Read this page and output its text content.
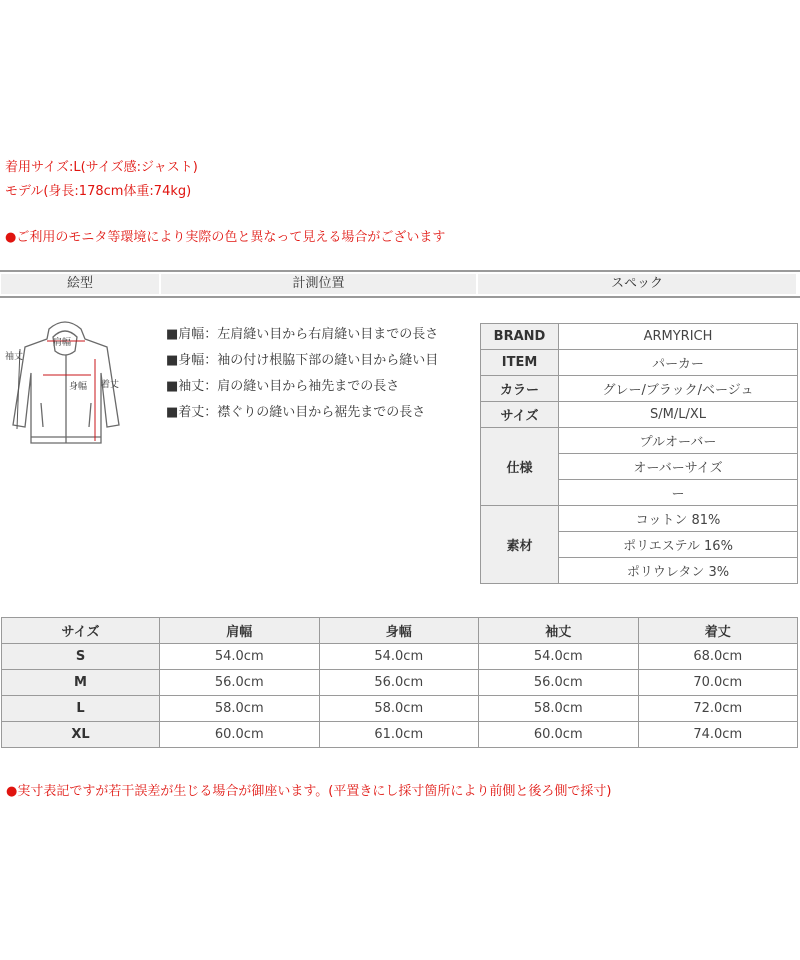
着用サイズ:L(サイズ感:ジャスト)
モデル(身長:178cm体重:74kg)
●ご利用のモニタ等環境により実際の色と異なって見える場合がございます
絵型	計測位置	スペック
肩幅
身幅
袖丈
着丈
■肩幅：左肩縫い目から右肩縫い目までの長さ
■身幅：袖の付け根脇下部の縫い目から縫い目
■袖丈：肩の縫い目から袖先までの長さ
■着丈：襟ぐりの縫い目から裾先までの長さ
BRAND	ARMYRICH
ITEM	パーカー
カラー	グレー/ブラック/ベージュ
サイズ	S/M/L/XL
仕様	プルオーバー
	オーバーサイズ
	ー
素材	コットン 81%
	ポリエステル 16%
	ポリウレタン 3%
サイズ	肩幅	身幅	袖丈	着丈
S	54.0cm	54.0cm	54.0cm	68.0cm
M	56.0cm	56.0cm	56.0cm	70.0cm
L	58.0cm	58.0cm	58.0cm	72.0cm
XL	60.0cm	61.0cm	60.0cm	74.0cm
●実寸表記ですが若干誤差が生じる場合が御座います。(平置きにし採寸箇所により前側と後ろ側で採寸)
